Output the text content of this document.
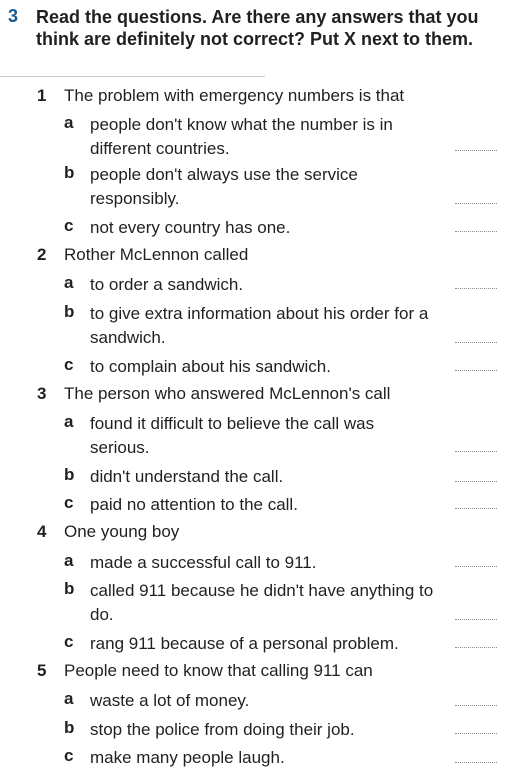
3 Read the questions. Are there any answers that you think are definitely not correct? Put X next to them.
1 The problem with emergency numbers is that
a people don't know what the number is in different countries.
b people don't always use the service responsibly.
c not every country has one.
2 Rother McLennon called
a to order a sandwich.
b to give extra information about his order for a sandwich.
c to complain about his sandwich.
3 The person who answered McLennon's call
a found it difficult to believe the call was serious.
b didn't understand the call.
c paid no attention to the call.
4 One young boy
a made a successful call to 911.
b called 911 because he didn't have anything to do.
c rang 911 because of a personal problem.
5 People need to know that calling 911 can
a waste a lot of money.
b stop the police from doing their job.
c make many people laugh.
